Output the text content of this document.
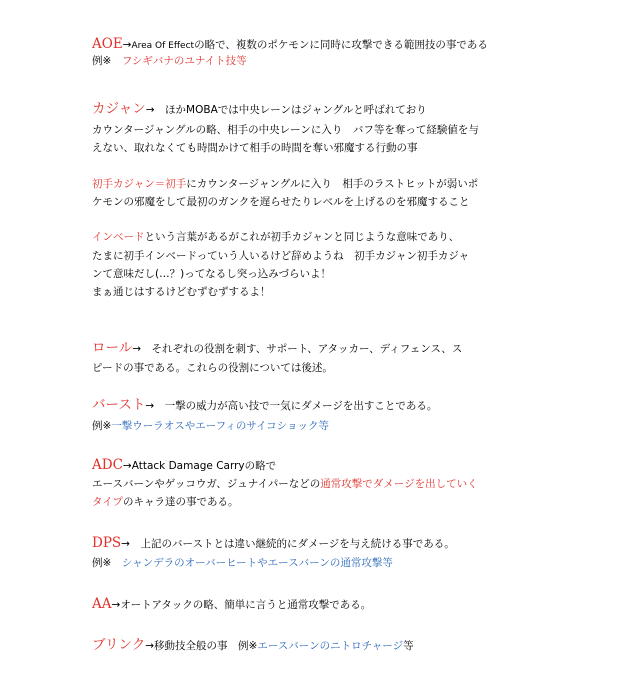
AOE→Area Of Effectの略で、複数のポケモンに同時に攻撃できる範囲技の事である
例※　フシギバナのユナイト技等
カジャン→　ほかMOBAでは中央レーンはジャングルと呼ばれており
カウンタージャングルの略、相手の中央レーンに入り　バフ等を奪って経験値を与
えない、取れなくても時間かけて相手の時間を奪い邪魔する行動の事
初手カジャン＝初手にカウンタージャングルに入り　相手のラストヒットが弱いポ
ケモンの邪魔をして最初のガンクを遅らせたりレベルを上げるのを邪魔すること
インベードという言葉があるがこれが初手カジャンと同じような意味であり、
たまに初手インベードっていう人いるけど辞めようね　初手カジャン初手カジャ
ンて意味だし(…？)ってなるし突っ込みづらいよ！
まぁ通じはするけどむずむずするよ！
ロール→　それぞれの役割を刺す、サポート、アタッカー、ディフェンス、ス
ピードの事である。これらの役割については後述。
バースト→　一撃の威力が高い技で一気にダメージを出すことである。
例※一撃ウーラオスやエーフィのサイコショック等
ADC→Attack Damage Carryの略で
エースバーンやゲッコウガ、ジュナイパーなどの通常攻撃でダメージを出していく
タイプのキャラ達の事である。
DPS→　上記のバーストとは違い継続的にダメージを与え続ける事である。
例※　シャンデラのオーバーヒートやエースバーンの通常攻撃等
AA→オートアタックの略、簡単に言うと通常攻撃である。
ブリンク→移動技全般の事　例※エースバーンのニトロチャージ等
